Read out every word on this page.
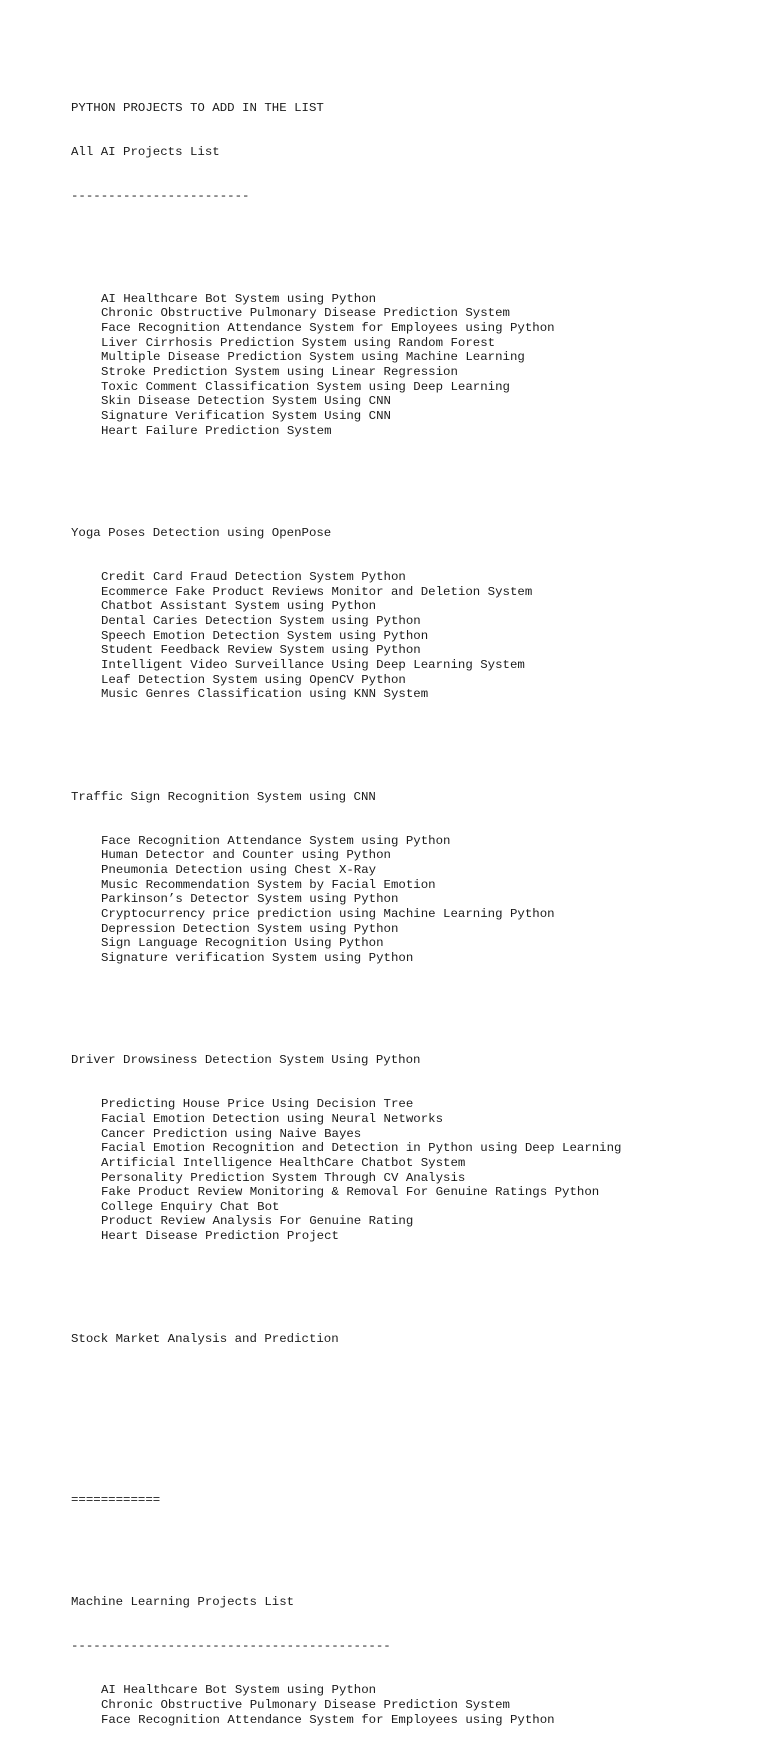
PYTHON PROJECTS TO ADD IN THE LIST

All AI Projects List

------------------------

AI Healthcare Bot System using Python
Chronic Obstructive Pulmonary Disease Prediction System
Face Recognition Attendance System for Employees using Python
Liver Cirrhosis Prediction System using Random Forest
Multiple Disease Prediction System using Machine Learning
Stroke Prediction System using Linear Regression
Toxic Comment Classification System using Deep Learning
Skin Disease Detection System Using CNN
Signature Verification System Using CNN
Heart Failure Prediction System

Yoga Poses Detection using OpenPose

Credit Card Fraud Detection System Python
Ecommerce Fake Product Reviews Monitor and Deletion System
Chatbot Assistant System using Python
Dental Caries Detection System using Python
Speech Emotion Detection System using Python
Student Feedback Review System using Python
Intelligent Video Surveillance Using Deep Learning System
Leaf Detection System using OpenCV Python
Music Genres Classification using KNN System

Traffic Sign Recognition System using CNN

Face Recognition Attendance System using Python
Human Detector and Counter using Python
Pneumonia Detection using Chest X-Ray
Music Recommendation System by Facial Emotion
Parkinson’s Detector System using Python
Cryptocurrency price prediction using Machine Learning Python
Depression Detection System using Python
Sign Language Recognition Using Python
Signature verification System using Python

Driver Drowsiness Detection System Using Python

Predicting House Price Using Decision Tree
Facial Emotion Detection using Neural Networks
Cancer Prediction using Naive Bayes
Facial Emotion Recognition and Detection in Python using Deep Learning
Artificial Intelligence HealthCare Chatbot System
Personality Prediction System Through CV Analysis
Fake Product Review Monitoring & Removal For Genuine Ratings Python
College Enquiry Chat Bot
Product Review Analysis For Genuine Rating
Heart Disease Prediction Project

Stock Market Analysis and Prediction

============

Machine Learning Projects List

-------------------------------------------

AI Healthcare Bot System using Python
Chronic Obstructive Pulmonary Disease Prediction System
Face Recognition Attendance System for Employees using Python
